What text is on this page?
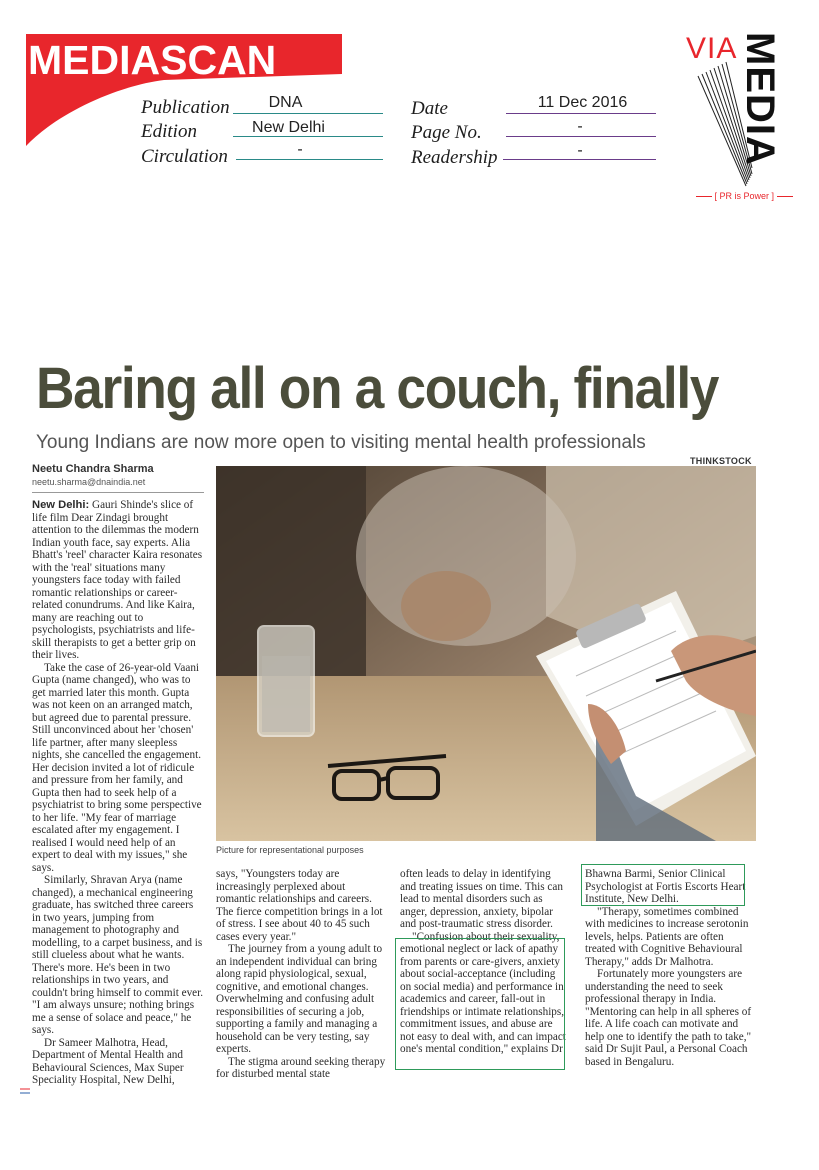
MEDIASCAN
Publication	DNA
Edition	New Delhi
Circulation	-
Date	11 Dec 2016
Page No.	-
Readership	-
VIA MEDIA
[ PR is Power ]
Baring all on a couch, finally
Young Indians are now more open to visiting mental health professionals
Neetu Chandra Sharma
neetu.sharma@dnaindia.net
THINKSTOCK
Picture for representational purposes

New Delhi: Gauri Shinde's slice of life film Dear Zindagi brought attention to the dilemmas the modern Indian youth face, say experts. Alia Bhatt's 'reel' character Kaira resonates with the 'real' situations many youngsters face today with failed romantic relationships or career-related conundrums. And like Kaira, many are reaching out to psychologists, psychiatrists and life-skill therapists to get a better grip on their lives.

Take the case of 26-year-old Vaani Gupta (name changed), who was to get married later this month. Gupta was not keen on an arranged match, but agreed due to parental pressure. Still unconvinced about her 'chosen' life partner, after many sleepless nights, she cancelled the engagement. Her decision invited a lot of ridicule and pressure from her family, and Gupta then had to seek help of a psychiatrist to bring some perspective to her life. "My fear of marriage escalated after my engagement. I realised I would need help of an expert to deal with my issues," she says.

Similarly, Shravan Arya (name changed), a mechanical engineering graduate, has switched three careers in two years, jumping from management to photography and modelling, to a carpet business, and is still clueless about what he wants. There's more. He's been in two relationships in two years, and couldn't bring himself to commit ever. "I am always unsure; nothing brings me a sense of solace and peace," he says.

Dr Sameer Malhotra, Head, Department of Mental Health and Behavioural Sciences, Max Super Speciality Hospital, New Delhi,

says, "Youngsters today are increasingly perplexed about romantic relationships and careers. The fierce competition brings in a lot of stress. I see about 40 to 45 such cases every year."

The journey from a young adult to an independent individual can bring along rapid physiological, sexual, cognitive, and emotional changes. Overwhelming and confusing adult responsibilities of securing a job, supporting a family and managing a household can be very testing, say experts.

The stigma around seeking therapy for disturbed mental state

often leads to delay in identifying and treating issues on time. This can lead to mental disorders such as anger, depression, anxiety, bipolar and post-traumatic stress disorder.

"Confusion about their sexuality, emotional neglect or lack of apathy from parents or care-givers, anxiety about social-acceptance (including on social media) and performance in academics and career, fall-out in friendships or intimate relationships, commitment issues, and abuse are not easy to deal with, and can impact one's mental condition," explains Dr

Bhawna Barmi, Senior Clinical Psychologist at Fortis Escorts Heart Institute, New Delhi.

"Therapy, sometimes combined with medicines to increase serotonin levels, helps. Patients are often treated with Cognitive Behavioural Therapy," adds Dr Malhotra.

Fortunately more youngsters are understanding the need to seek professional therapy in India. "Mentoring can help in all spheres of life. A life coach can motivate and help one to identify the path to take," said Dr Sujit Paul, a Personal Coach based in Bengaluru.
